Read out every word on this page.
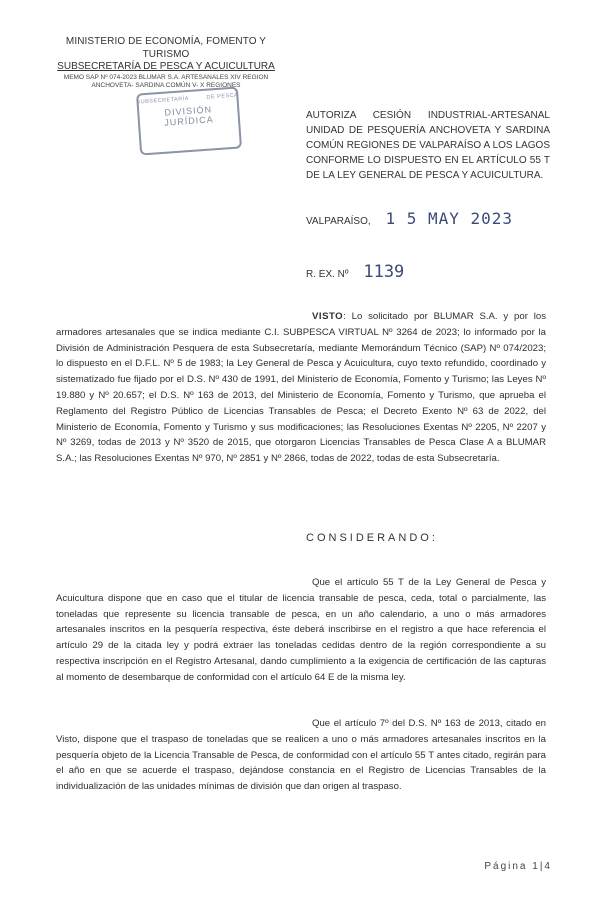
MINISTERIO DE ECONOMÍA, FOMENTO Y TURISMO
SUBSECRETARÍA DE PESCA Y ACUICULTURA
MEMO SAP Nº 074-2023 BLUMAR S.A. ARTESANALES XIV REGION
ANCHOVETA- SARDINA COMÚN V- X REGIONES
SUBSECRETARÍA	DE PESCA
DIVISIÓN
JURÍDICA	AUTORIZA CESIÓN INDUSTRIAL-ARTESANAL UNIDAD DE PESQUERÍA ANCHOVETA Y SARDINA COMÚN REGIONES DE VALPARAÍSO A LOS LAGOS CONFORME LO DISPUESTO EN EL ARTÍCULO 55 T DE LA LEY GENERAL DE PESCA Y ACUICULTURA.
VALPARAÍSO, 1 5 MAY 2023
R. EX. Nº 1139
VISTO: Lo solicitado por BLUMAR S.A. y por los armadores artesanales que se indica mediante C.I. SUBPESCA VIRTUAL Nº 3264 de 2023; lo informado por la División de Administración Pesquera de esta Subsecretaría, mediante Memorándum Técnico (SAP) Nº 074/2023; lo dispuesto en el D.F.L. Nº 5 de 1983; la Ley General de Pesca y Acuicultura, cuyo texto refundido, coordinado y sistematizado fue fijado por el D.S. Nº 430 de 1991, del Ministerio de Economía, Fomento y Turismo; las Leyes Nº 19.880 y Nº 20.657; el D.S. Nº 163 de 2013, del Ministerio de Economía, Fomento y Turismo, que aprueba el Reglamento del Registro Público de Licencias Transables de Pesca; el Decreto Exento Nº 63 de 2022, del Ministerio de Economía, Fomento y Turismo y sus modificaciones; las Resoluciones Exentas Nº 2205, Nº 2207 y Nº 3269, todas de 2013 y Nº 3520 de 2015, que otorgaron Licencias Transables de Pesca Clase A a BLUMAR S.A.; las Resoluciones Exentas Nº 970, Nº 2851 y Nº 2866, todas de 2022, todas de esta Subsecretaría.
CONSIDERANDO:
Que el artículo 55 T de la Ley General de Pesca y Acuicultura dispone que en caso que el titular de licencia transable de pesca, ceda, total o parcialmente, las toneladas que represente su licencia transable de pesca, en un año calendario, a uno o más armadores artesanales inscritos en la pesquería respectiva, éste deberá inscribirse en el registro a que hace referencia el artículo 29 de la citada ley y podrá extraer las toneladas cedidas dentro de la región correspondiente a su respectiva inscripción en el Registro Artesanal, dando cumplimiento a la exigencia de certificación de las capturas al momento de desembarque de conformidad con el artículo 64 E de la misma ley.
Que el artículo 7º del D.S. Nº 163 de 2013, citado en Visto, dispone que el traspaso de toneladas que se realicen a uno o más armadores artesanales inscritos en la pesquería objeto de la Licencia Transable de Pesca, de conformidad con el artículo 55 T antes citado, regirán para el año en que se acuerde el traspaso, dejándose constancia en el Registro de Licencias Transables de la individualización de las unidades mínimas de división que dan origen al traspaso.
Página 1|4
